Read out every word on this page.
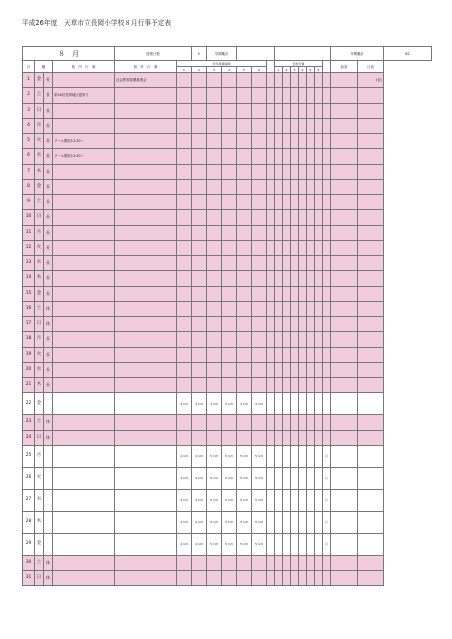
平成26年度　天草市立長岡小学校８月行事予定表
８　月				授業日数		６	学期累計												年間累計		82
日	曜		校　内　行　事	校　外　行　事	学年授業時間							学校行事							給食	日直	
					1	2	3	4	5	6		1	2	3	4	5	6				
1	金	長		社会教育振興推進会																(佐)	
2	土	長	第16回長岡地区夏祭り																		
3	日	長																			
4	月	長																			
5	火	長	プール開放13:30〜																		
6	水	長	プール開放13:30〜																		
7	木	長																			
8	金	長																			
9	土	長																			
10	日	長																			
11	月	長																			
12	火	長																			
13	水	長																			
14	木	長																			
15	金	長																			
16	土	休																			
17	日	休																			
18	月	長																			
19	火	長																			
20	水	長																			
21	木	長																			
22	金				3 1/3	3 1/3	3 1/3	3 1/3	3 1/3	3 1/3											
23	土	休																			
24	日	休																			
25	月				4 1/3	4 1/3	5 1/3	5 1/3	5 1/3	5 1/3								○			
26	火				4 1/3	4 1/3	5 1/3	5 1/3	5 1/3	5 1/3								○			
27	水				4 1/3	4 1/3	5 1/3	5 1/3	5 1/3	5 1/3								○			
28	木				4 1/3	4 1/3	5 1/3	5 1/3	5 1/3	5 1/3								○			
29	金				4 1/3	4 1/3	5 1/3	5 1/3	5 1/3	5 1/3								○			
30	土	休																			
31	日	休																			
